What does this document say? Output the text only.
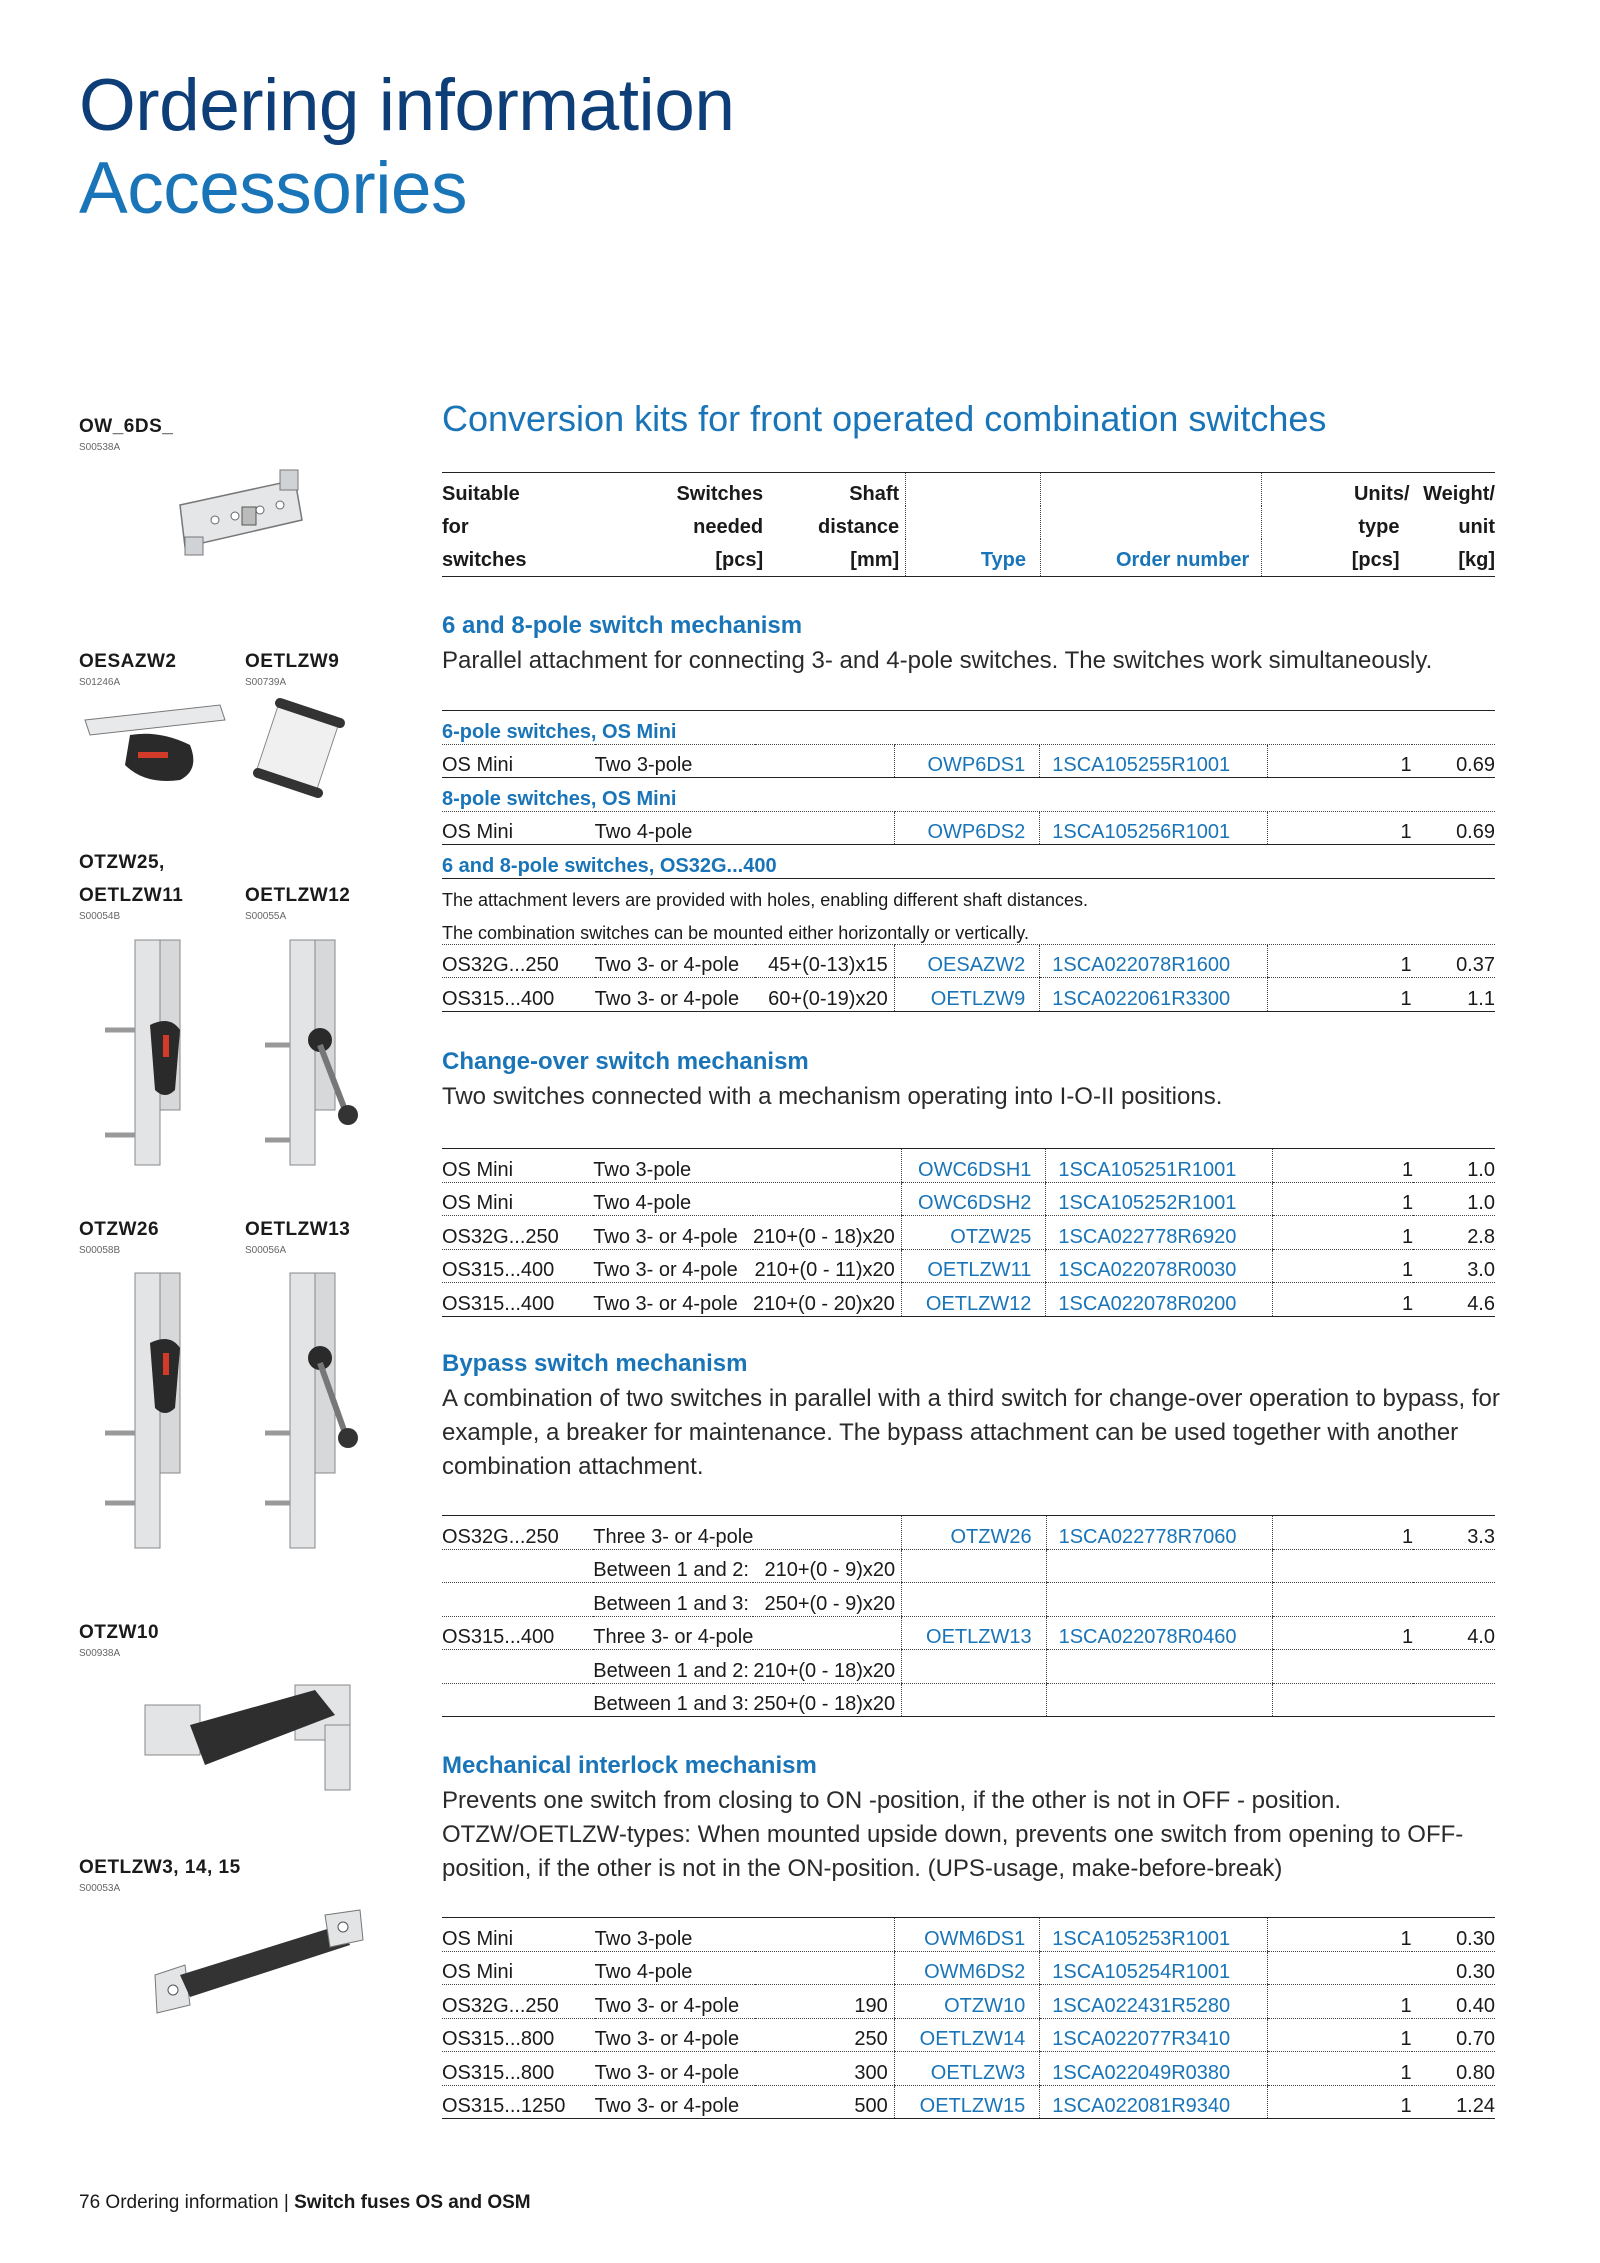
Ordering information
Accessories
OW_6DS_
S00538A
OESAZW2
S01246A
OETLZW9
S00739A
OTZW25,
OETLZW11
S00054B
OETLZW12
S00055A
OTZW26
S00058B
OETLZW13
S00056A
OTZW10
S00938A
OETLZW3, 14, 15
S00053A
Conversion kits for front operated combination switches
Suitable	Switches	Shaft			Units/	Weight/
for	needed	distance			type	unit
switches	[pcs]	[mm]	Type	Order number	[pcs]	[kg]
6 and 8-pole switch mechanism
Parallel attachment for connecting 3- and 4-pole switches. The switches work simultaneously.
6-pole switches, OS Mini						
OS Mini	Two 3-pole		OWP6DS1	1SCA105255R1001	1	0.69
8-pole switches, OS Mini						
OS Mini	Two 4-pole		OWP6DS2	1SCA105256R1001	1	0.69
6 and 8-pole switches, OS32G...400						
The attachment levers are provided with holes, enabling different shaft distances.						
The combination switches can be mounted either horizontally or vertically.						
OS32G...250	Two 3- or 4-pole	45+(0-13)x15	OESAZW2	1SCA022078R1600	1	0.37
OS315...400	Two 3- or 4-pole	60+(0-19)x20	OETLZW9	1SCA022061R3300	1	1.1
Change-over switch mechanism
Two switches connected with a mechanism operating into I-O-II positions.
OS Mini	Two 3-pole		OWC6DSH1	1SCA105251R1001	1	1.0
OS Mini	Two 4-pole		OWC6DSH2	1SCA105252R1001	1	1.0
OS32G...250	Two 3- or 4-pole	210+(0 - 18)x20	OTZW25	1SCA022778R6920	1	2.8
OS315...400	Two 3- or 4-pole	210+(0 - 11)x20	OETLZW11	1SCA022078R0030	1	3.0
OS315...400	Two 3- or 4-pole	210+(0 - 20)x20	OETLZW12	1SCA022078R0200	1	4.6
Bypass switch mechanism
A combination of two switches in parallel with a third switch for change-over operation to bypass, for example, a breaker for maintenance. The bypass attachment can be used together with another combination attachment.
OS32G...250	Three 3- or 4-pole		OTZW26	1SCA022778R7060	1	3.3
	Between 1 and 2:	210+(0 - 9)x20				
	Between 1 and 3:	250+(0 - 9)x20				
OS315...400	Three 3- or 4-pole		OETLZW13	1SCA022078R0460	1	4.0
	Between 1 and 2:	210+(0 - 18)x20				
	Between 1 and 3:	250+(0 - 18)x20				
Mechanical interlock mechanism
Prevents one switch from closing to ON -position, if the other is not in OFF - position. OTZW/OETLZW-types: When mounted upside down, prevents one switch from opening to OFF-position, if the other is not in the ON-position. (UPS-usage, make-before-break)
OS Mini	Two 3-pole		OWM6DS1	1SCA105253R1001	1	0.30
OS Mini	Two 4-pole		OWM6DS2	1SCA105254R1001		0.30
OS32G...250	Two 3- or 4-pole	190	OTZW10	1SCA022431R5280	1	0.40
OS315...800	Two 3- or 4-pole	250	OETLZW14	1SCA022077R3410	1	0.70
OS315...800	Two 3- or 4-pole	300	OETLZW3	1SCA022049R0380	1	0.80
OS315...1250	Two 3- or 4-pole	500	OETLZW15	1SCA022081R9340	1	1.24
76 Ordering information | Switch fuses OS and OSM
